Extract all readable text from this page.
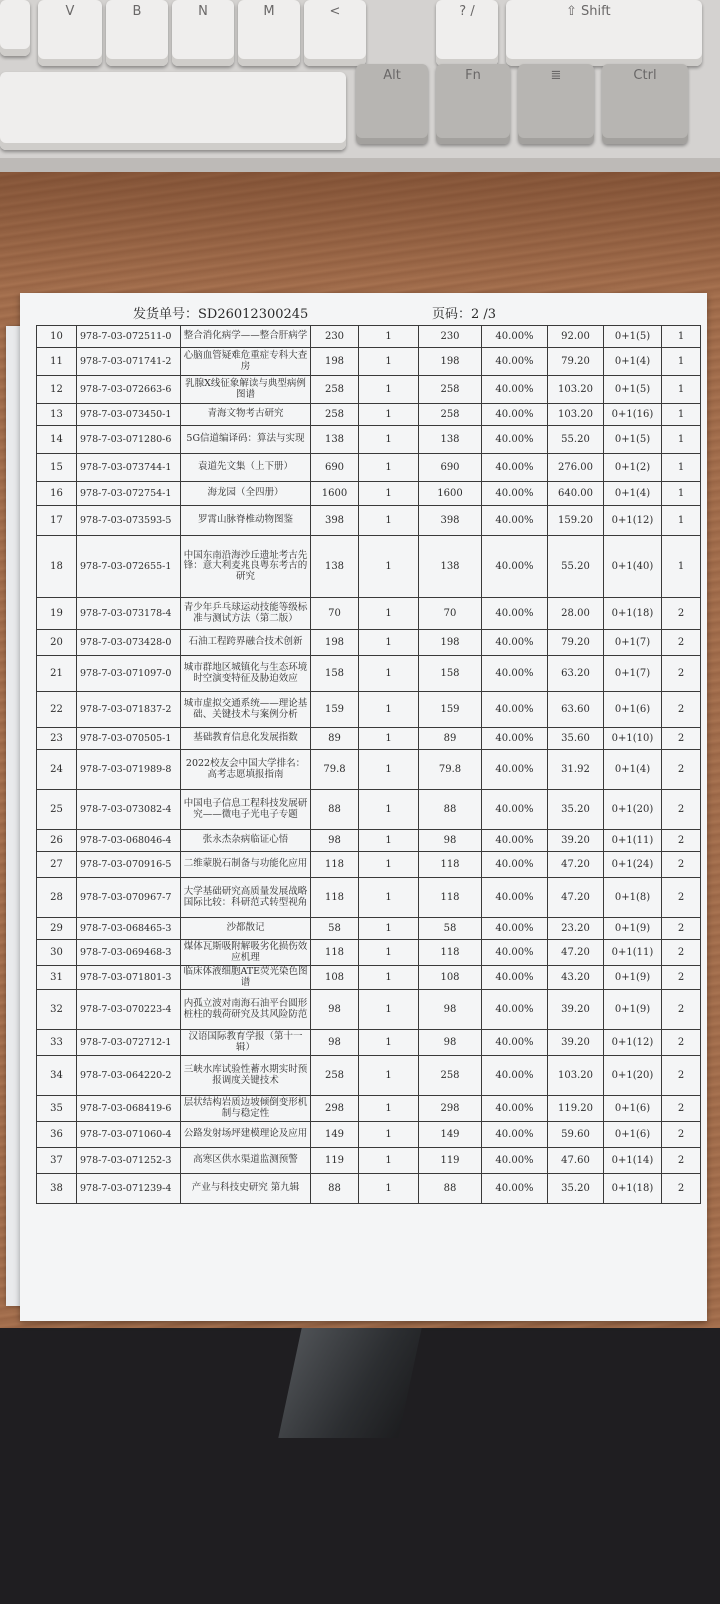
V	B	N	M	<	? /	⇧ Shift
Alt	Fn	≣	Ctrl
发货单号：SD26012300245	页码：2 /3
10	978-7-03-072511-0	整合消化病学——整合肝病学	230	1	230	40.00%	92.00	0+1(5)	1
11	978-7-03-071741-2	心脑血管疑难危重症专科大查房	198	1	198	40.00%	79.20	0+1(4)	1
12	978-7-03-072663-6	乳腺X线征象解读与典型病例图谱	258	1	258	40.00%	103.20	0+1(5)	1
13	978-7-03-073450-1	青海文物考古研究	258	1	258	40.00%	103.20	0+1(16)	1
14	978-7-03-071280-6	5G信道编译码：算法与实现	138	1	138	40.00%	55.20	0+1(5)	1
15	978-7-03-073744-1	袁道先文集（上下册）	690	1	690	40.00%	276.00	0+1(2)	1
16	978-7-03-072754-1	海龙园（全四册）	1600	1	1600	40.00%	640.00	0+1(4)	1
17	978-7-03-073593-5	罗霄山脉脊椎动物图鉴	398	1	398	40.00%	159.20	0+1(12)	1
18	978-7-03-072655-1	中国东南沿海沙丘遗址考古先锋：意大利麦兆良粤东考古的研究	138	1	138	40.00%	55.20	0+1(40)	1
19	978-7-03-073178-4	青少年乒乓球运动技能等级标准与测试方法（第二版）	70	1	70	40.00%	28.00	0+1(18)	2
20	978-7-03-073428-0	石油工程跨界融合技术创新	198	1	198	40.00%	79.20	0+1(7)	2
21	978-7-03-071097-0	城市群地区城镇化与生态环境时空演变特征及胁迫效应	158	1	158	40.00%	63.20	0+1(7)	2
22	978-7-03-071837-2	城市虚拟交通系统——理论基础、关键技术与案例分析	159	1	159	40.00%	63.60	0+1(6)	2
23	978-7-03-070505-1	基础教育信息化发展指数	89	1	89	40.00%	35.60	0+1(10)	2
24	978-7-03-071989-8	2022校友会中国大学排名：高考志愿填报指南	79.8	1	79.8	40.00%	31.92	0+1(4)	2
25	978-7-03-073082-4	中国电子信息工程科技发展研究——微电子光电子专题	88	1	88	40.00%	35.20	0+1(20)	2
26	978-7-03-068046-4	张永杰杂病临证心悟	98	1	98	40.00%	39.20	0+1(11)	2
27	978-7-03-070916-5	二维蒙脱石制备与功能化应用	118	1	118	40.00%	47.20	0+1(24)	2
28	978-7-03-070967-7	大学基础研究高质量发展战略国际比较：科研范式转型视角	118	1	118	40.00%	47.20	0+1(8)	2
29	978-7-03-068465-3	沙都散记	58	1	58	40.00%	23.20	0+1(9)	2
30	978-7-03-069468-3	煤体瓦斯吸附解吸劣化损伤效应机理	118	1	118	40.00%	47.20	0+1(11)	2
31	978-7-03-071801-3	临床体液细胞ATE荧光染色图谱	108	1	108	40.00%	43.20	0+1(9)	2
32	978-7-03-070223-4	内孤立波对南海石油平台圆形桩柱的载荷研究及其风险防范	98	1	98	40.00%	39.20	0+1(9)	2
33	978-7-03-072712-1	汉语国际教育学报（第十一辑）	98	1	98	40.00%	39.20	0+1(12)	2
34	978-7-03-064220-2	三峡水库试验性蓄水期实时预报调度关键技术	258	1	258	40.00%	103.20	0+1(20)	2
35	978-7-03-068419-6	层状结构岩质边坡倾倒变形机制与稳定性	298	1	298	40.00%	119.20	0+1(6)	2
36	978-7-03-071060-4	公路发射场坪建模理论及应用	149	1	149	40.00%	59.60	0+1(6)	2
37	978-7-03-071252-3	高寒区供水渠道监测预警	119	1	119	40.00%	47.60	0+1(14)	2
38	978-7-03-071239-4	产业与科技史研究 第九辑	88	1	88	40.00%	35.20	0+1(18)	2
